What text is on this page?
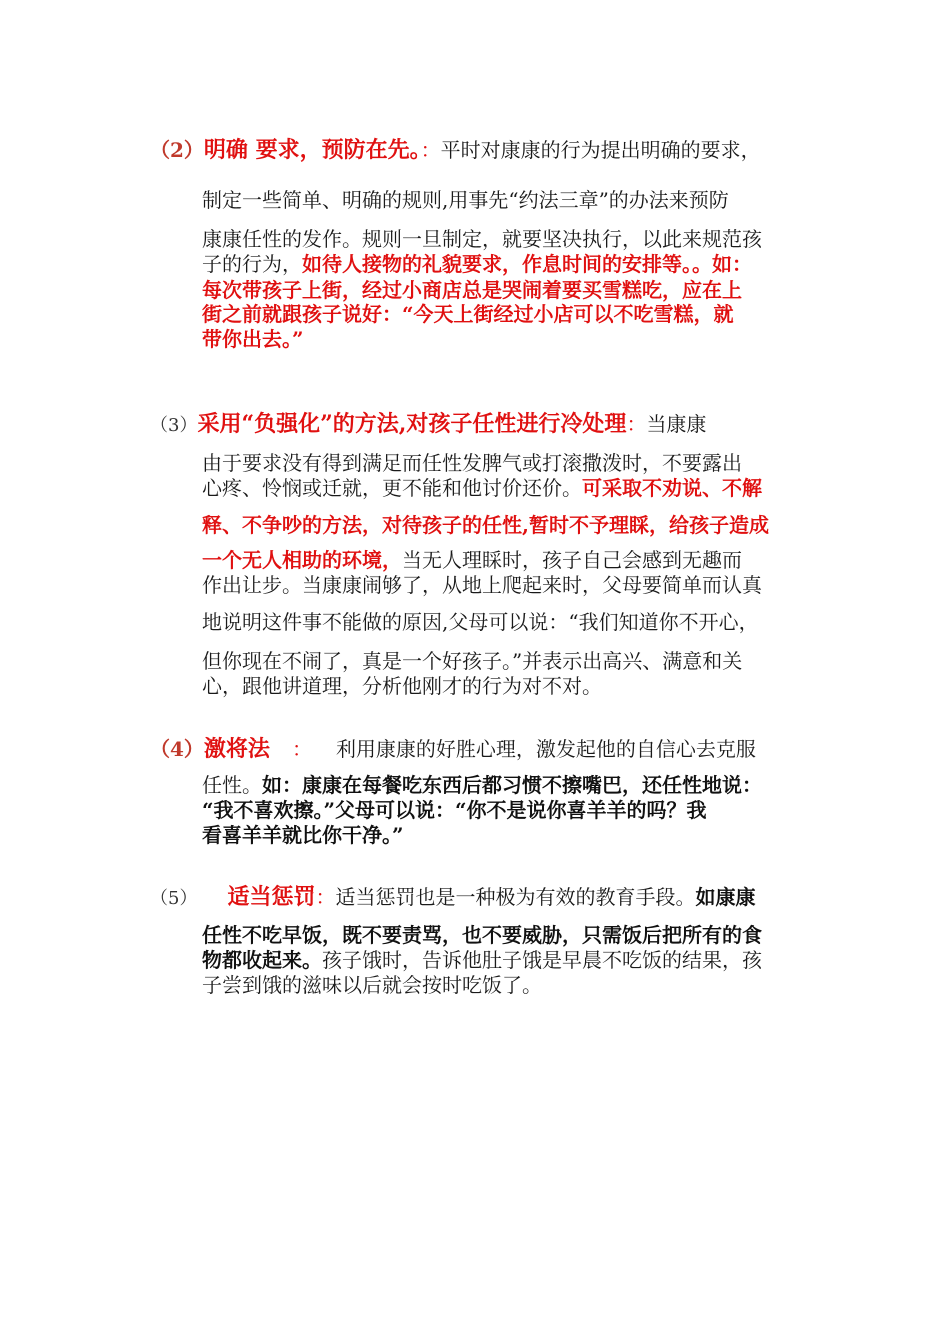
（2）明确 要求，预防在先。：平时对康康的行为提出明确的要求，
制定一些简单、明确的规则,用事先“约法三章”的办法来预防
康康任性的发作。规则一旦制定，就要坚决执行，以此来规范孩
子的行为，如待人接物的礼貌要求，作息时间的安排等。。如：
每次带孩子上街，经过小商店总是哭闹着要买雪糕吃，应在上
街之前就跟孩子说好：“今天上街经过小店可以不吃雪糕，就
带你出去。”
（3）采用“负强化”的方法,对孩子任性进行冷处理：当康康
由于要求没有得到满足而任性发脾气或打滚撒泼时，不要露出
心疼、怜悯或迁就，更不能和他讨价还价。可采取不劝说、不解
释、不争吵的方法，对待孩子的任性,暂时不予理睬，给孩子造成
一个无人相助的环境，当无人理睬时，孩子自己会感到无趣而
作出让步。当康康闹够了，从地上爬起来时，父母要简单而认真
地说明这件事不能做的原因,父母可以说：“我们知道你不开心，
但你现在不闹了，真是一个好孩子。”并表示出高兴、满意和关
心，跟他讲道理，分析他刚才的行为对不对。
（4）激将法 ： 利用康康的好胜心理，激发起他的自信心去克服
任性。如：康康在每餐吃东西后都习惯不擦嘴巴，还任性地说：
“我不喜欢擦。”父母可以说：“你不是说你喜羊羊的吗？我
看喜羊羊就比你干净。”
（5） 适当惩罚：适当惩罚也是一种极为有效的教育手段。如康康
任性不吃早饭，既不要责骂，也不要威胁，只需饭后把所有的食
物都收起来。孩子饿时，告诉他肚子饿是早晨不吃饭的结果，孩
子尝到饿的滋味以后就会按时吃饭了。
